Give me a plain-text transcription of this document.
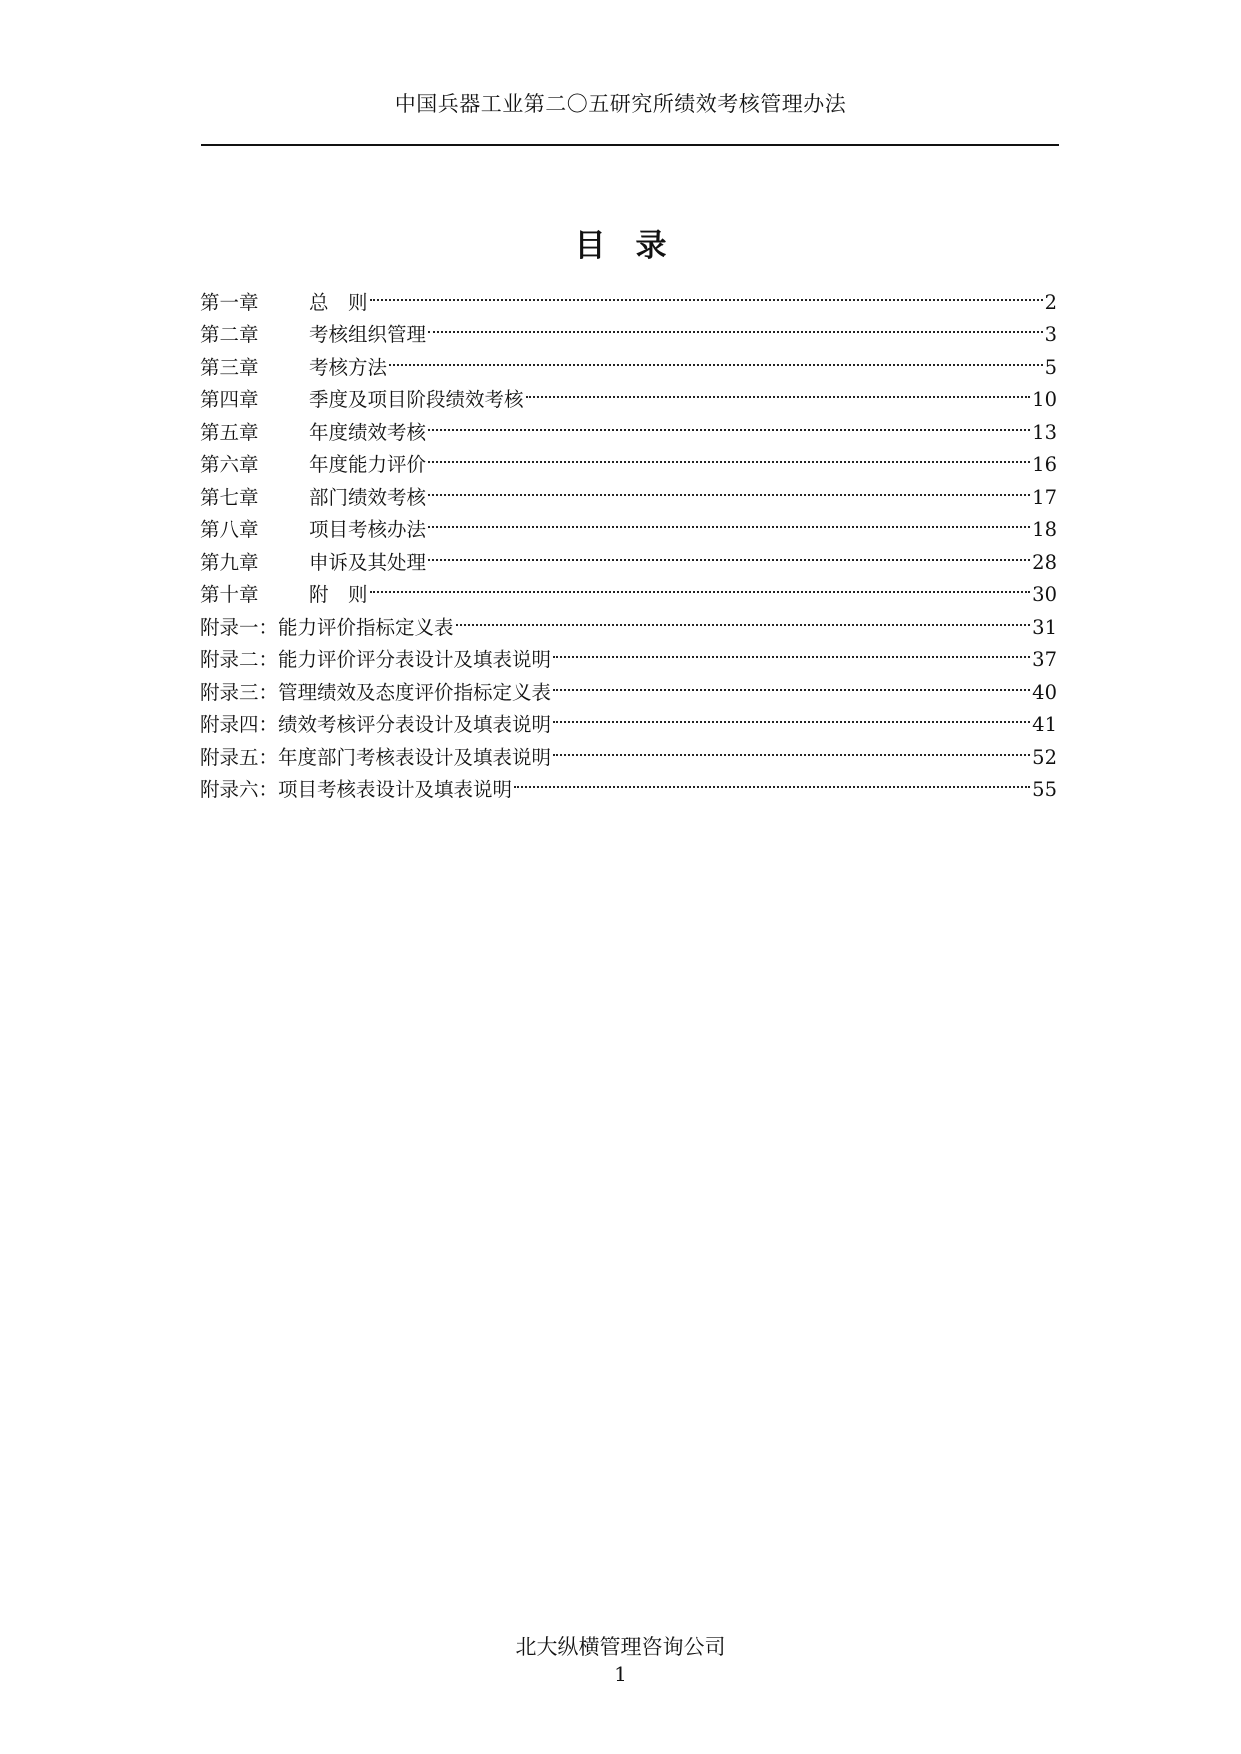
中国兵器工业第二〇五研究所绩效考核管理办法
目录
第一章	总　则	2
第二章	考核组织管理	3
第三章	考核方法	5
第四章	季度及项目阶段绩效考核	10
第五章	年度绩效考核	13
第六章	年度能力评价	16
第七章	部门绩效考核	17
第八章	项目考核办法	18
第九章	申诉及其处理	28
第十章	附　则	30
附录一： 能力评价指标定义表	31
附录二： 能力评价评分表设计及填表说明	37
附录三： 管理绩效及态度评价指标定义表	40
附录四： 绩效考核评分表设计及填表说明	41
附录五： 年度部门考核表设计及填表说明	52
附录六： 项目考核表设计及填表说明	55
北大纵横管理咨询公司
1
